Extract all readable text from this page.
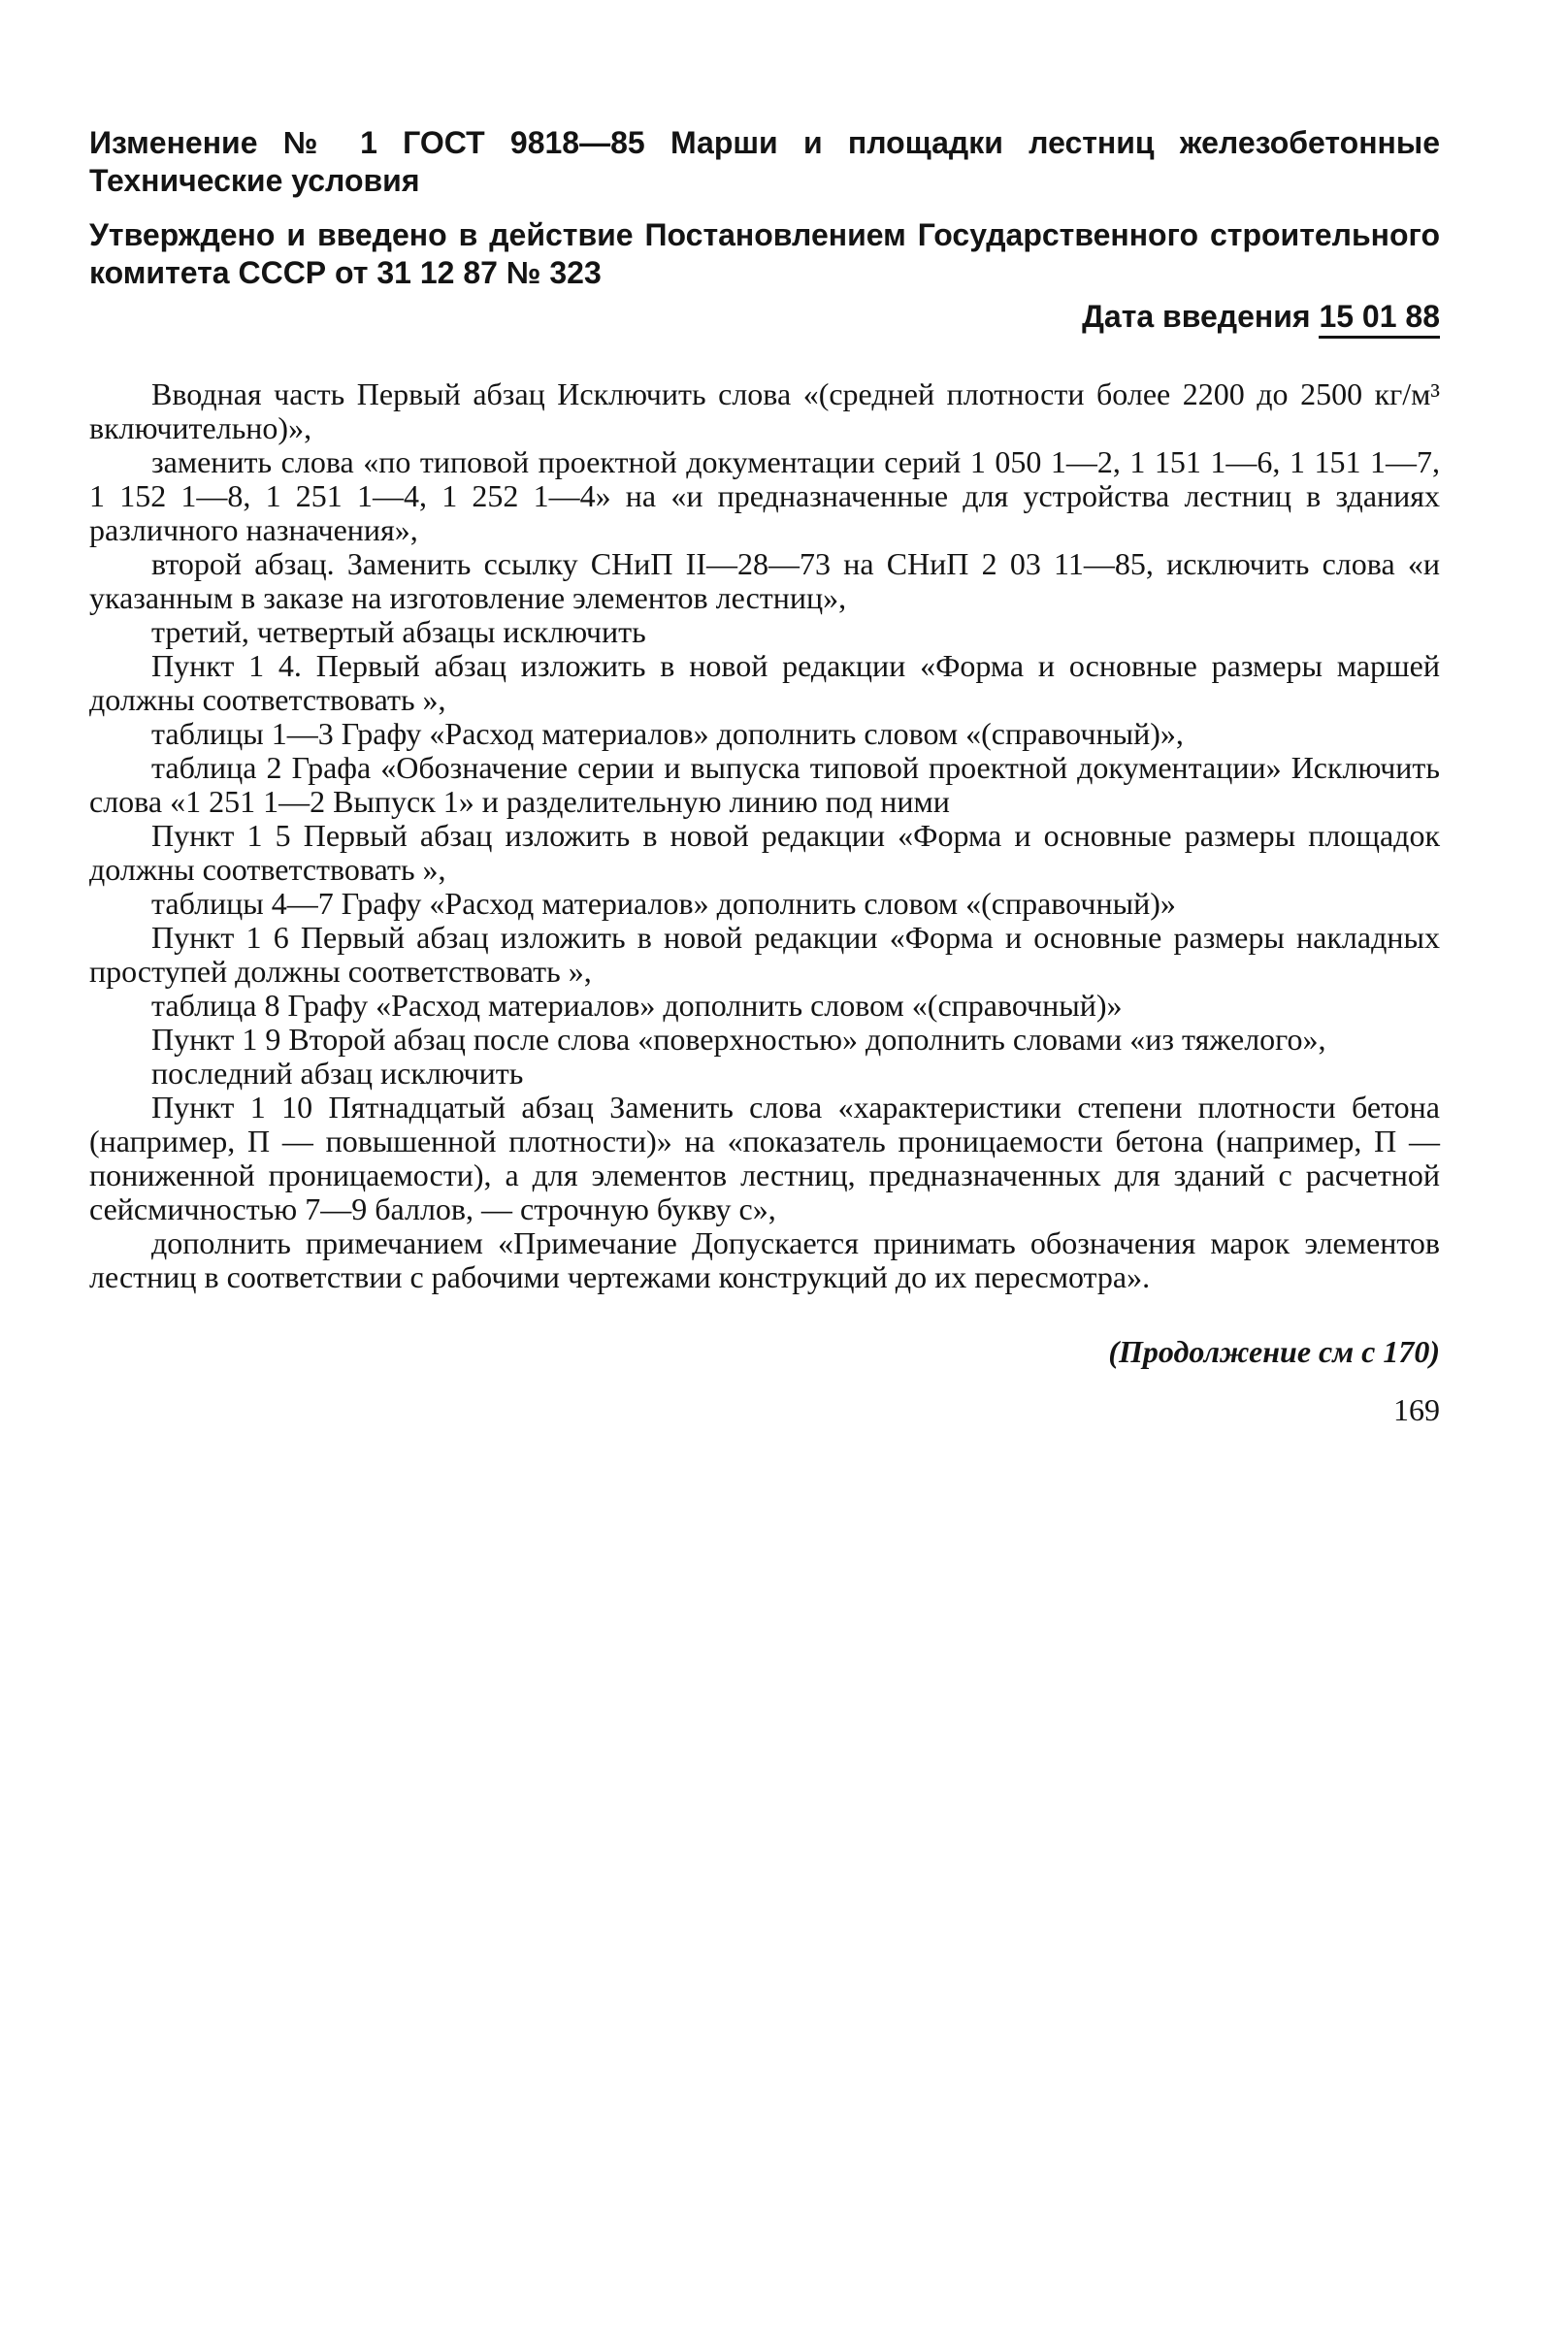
Изменение № 1 ГОСТ 9818—85 Марши и площадки лестниц железобетонные Технические условия

Утверждено и введено в действие Постановлением Государственного строительного комитета СССР от 31 12 87 № 323

Дата введения 15 01 88

Вводная часть Первый абзац Исключить слова «(средней плотности более 2200 до 2500 кг/м³ включительно)»,

заменить слова «по типовой проектной документации серий 1 050 1—2, 1 151 1—6, 1 151 1—7, 1 152 1—8, 1 251 1—4, 1 252 1—4» на «и предназначенные для устройства лестниц в зданиях различного назначения»,

второй абзац. Заменить ссылку СНиП II—28—73 на СНиП 2 03 11—85, исключить слова «и указанным в заказе на изготовление элементов лестниц»,

третий, четвертый абзацы исключить

Пункт 1 4. Первый абзац изложить в новой редакции «Форма и основные размеры маршей должны соответствовать »,

таблицы 1—3 Графу «Расход материалов» дополнить словом «(справочный)»,

таблица 2 Графа «Обозначение серии и выпуска типовой проектной документации» Исключить слова «1 251 1—2 Выпуск 1» и разделительную линию под ними

Пункт 1 5 Первый абзац изложить в новой редакции «Форма и основные размеры площадок должны соответствовать »,

таблицы 4—7 Графу «Расход материалов» дополнить словом «(справочный)»

Пункт 1 6 Первый абзац изложить в новой редакции «Форма и основные размеры накладных проступей должны соответствовать »,

таблица 8 Графу «Расход материалов» дополнить словом «(справочный)»

Пункт 1 9 Второй абзац после слова «поверхностью» дополнить словами «из тяжелого»,

последний абзац исключить

Пункт 1 10 Пятнадцатый абзац Заменить слова «характеристики степени плотности бетона (например, П — повышенной плотности)» на «показатель проницаемости бетона (например, П — пониженной проницаемости), а для элементов лестниц, предназначенных для зданий с расчетной сейсмичностью 7—9 баллов, — строчную букву с»,

дополнить примечанием «Примечание Допускается принимать обозначения марок элементов лестниц в соответствии с рабочими чертежами конструкций до их пересмотра».

(Продолжение см с 170)
169
